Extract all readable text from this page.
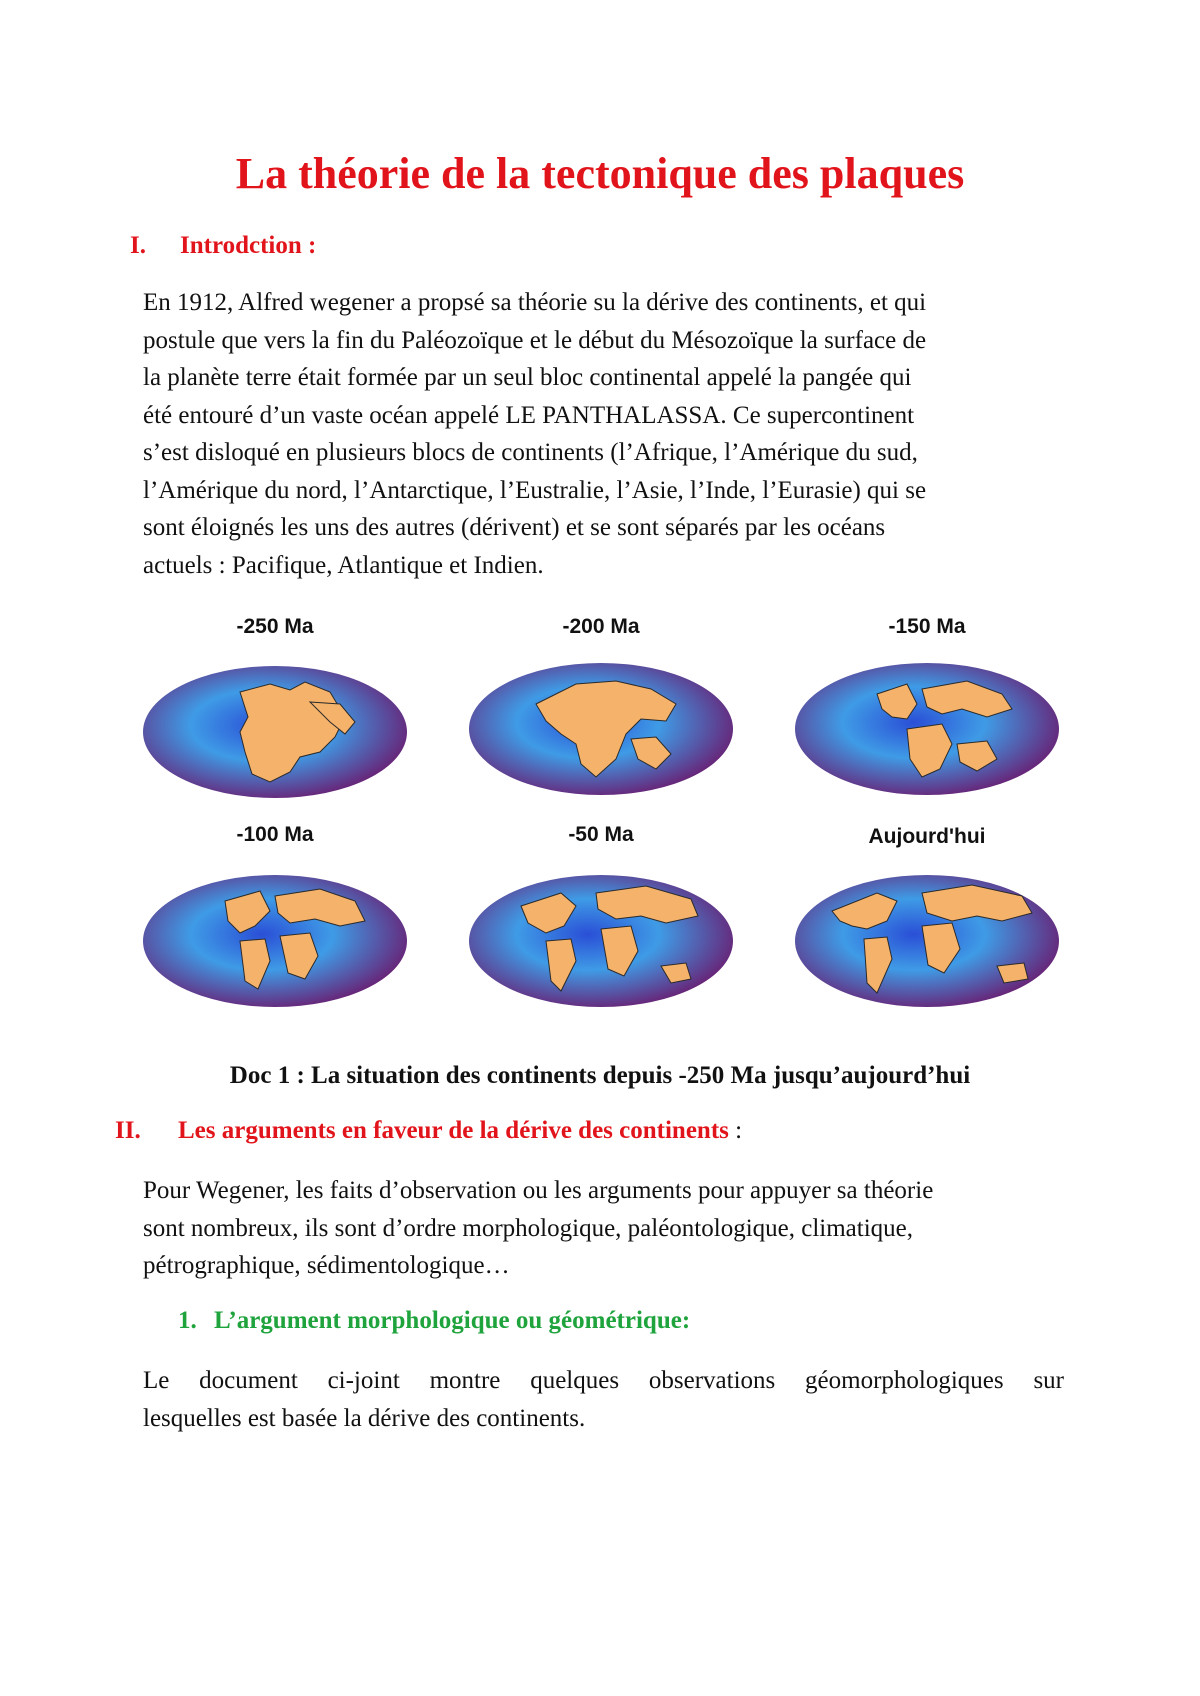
La théorie de la tectonique des plaques
I. Introdction :

En 1912, Alfred wegener a propsé sa théorie su la dérive des continents, et qui
postule que vers la fin du Paléozoïque et le début du Mésozoïque la surface de
la planète terre était formée par un seul bloc continental appelé la pangée qui
été entouré d’un vaste océan appelé LE PANTHALASSA. Ce supercontinent
s’est disloqué en plusieurs blocs de continents (l’Afrique, l’Amérique du sud,
l’Amérique du nord, l’Antarctique, l’Eustralie, l’Asie, l’Inde, l’Eurasie) qui se
sont éloignés les uns des autres (dérivent) et se sont séparés par les océans
actuels : Pacifique, Atlantique et Indien.

-250 Ma	-200 Ma	-150 Ma
-100 Ma	-50 Ma	Aujourd'hui

Doc 1 : La situation des continents depuis -250 Ma jusqu’aujourd’hui

II. Les arguments en faveur de la dérive des continents :

Pour Wegener, les faits d’observation ou les arguments pour appuyer sa théorie
sont nombreux, ils sont d’ordre morphologique, paléontologique, climatique,
pétrographique, sédimentologique…

1. L’argument morphologique ou géométrique:

Le document ci-joint montre quelques observations géomorphologiques sur
lesquelles est basée la dérive des continents.
